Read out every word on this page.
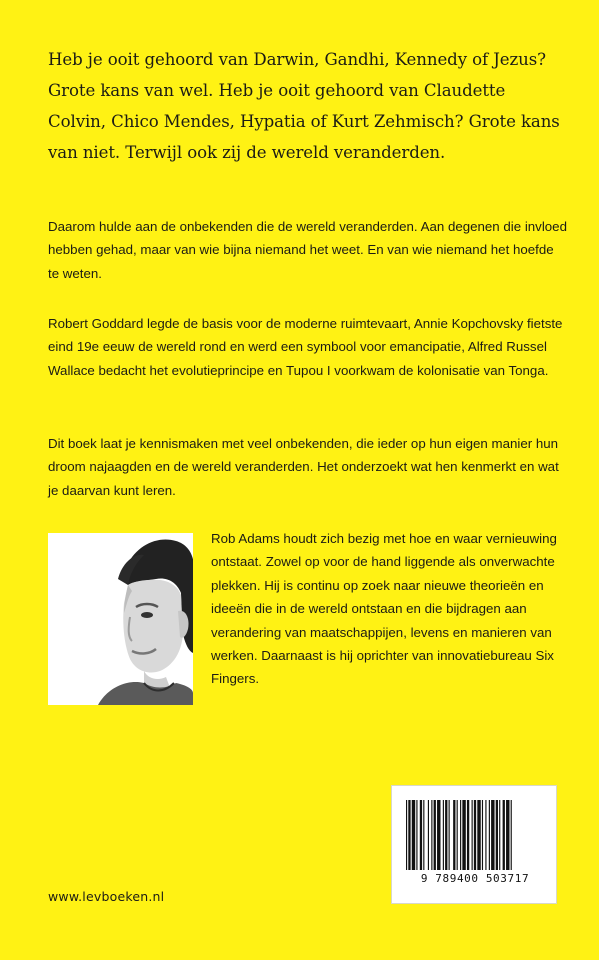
Heb je ooit gehoord van Darwin, Gandhi, Kennedy of Jezus? Grote kans van wel. Heb je ooit gehoord van Claudette Colvin, Chico Mendes, Hypatia of Kurt Zehmisch? Grote kans van niet. Terwijl ook zij de wereld veranderden.

Daarom hulde aan de onbekenden die de wereld veranderden. Aan degenen die invloed hebben gehad, maar van wie bijna niemand het weet. En van wie niemand het hoefde te weten.

Robert Goddard legde de basis voor de moderne ruimtevaart, Annie Kopchovsky fietste eind 19e eeuw de wereld rond en werd een symbool voor emancipatie, Alfred Russel Wallace bedacht het evolutieprincipe en Tupou I voorkwam de kolonisatie van Tonga.

Dit boek laat je kennismaken met veel onbekenden, die ieder op hun eigen manier hun droom najaagden en de wereld veranderden. Het onderzoekt wat hen kenmerkt en wat je daarvan kunt leren.

Rob Adams houdt zich bezig met hoe en waar vernieuwing ontstaat. Zowel op voor de hand liggende als onverwachte plekken. Hij is continu op zoek naar nieuwe theorieën en ideeën die in de wereld ontstaan en die bijdragen aan verandering van maatschappijen, levens en manieren van werken. Daarnaast is hij oprichter van innovatiebureau Six Fingers.

9 789400 503717

www.levboeken.nl
